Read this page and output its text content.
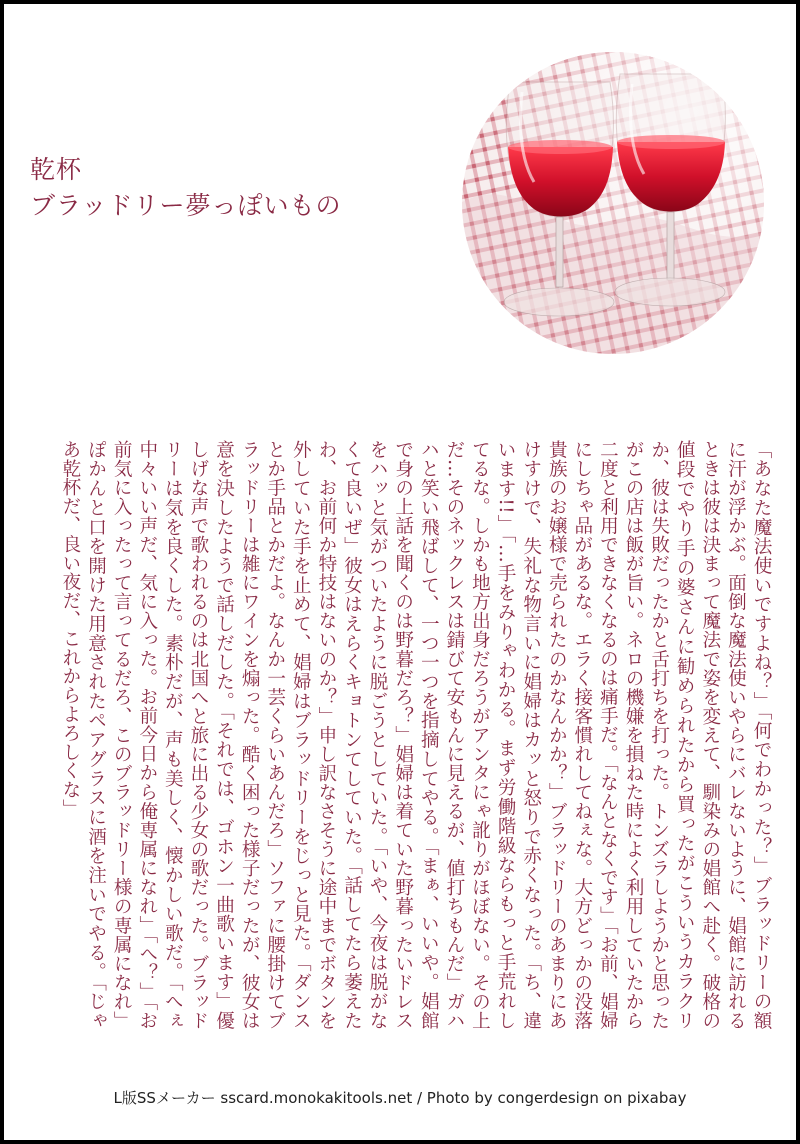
乾杯
ブラッドリー夢っぽいもの
「あなた魔法使いですよね？」「何でわかった？」ブラッドリーの額に汗が浮かぶ。面倒な魔法使いやらにバレないように、娼館に訪れるときは彼は決まって魔法で姿を変えて、馴染みの娼館へ赴く。破格の値段でやり手の婆さんに勧められたから買ったがこういうカラクリか、彼は失敗だったかと舌打ちを打った。トンズラしようかと思ったがこの店は飯が旨い。ネロの機嫌を損ねた時によく利用していたから二度と利用できなくなるのは痛手だ。「なんとなくです」「お前、娼婦にしちゃ品があるな。エラく接客慣れしてねぇな。大方どっかの没落貴族のお嬢様で売られたのかなんかか？」ブラッドリーのあまりにあけすけで、失礼な物言いに娼婦はカッと怒りで赤くなった。「ち、違います!!」「…手をみりゃわかる。まず労働階級ならもっと手荒れしてるな。しかも地方出身だろうがアンタにゃ訛りがほぼない。その上だ…そのネックレスは錆びて安もんに見えるが、値打ちもんだ」ガハハと笑い飛ばして、一つ一つを指摘してやる。「まぁ、いいや。娼館で身の上話を聞くのは野暮だろ？」娼婦は着ていた野暮ったいドレスをハッと気がついたように脱ごうとしていた。「いや、今夜は脱がなくて良いぜ」彼女はえらくキョトンてしていた。「話してたら萎えたわ、お前何か特技はないのか？」申し訳なさそうに途中までボタンを外していた手を止めて、娼婦はブラッドリーをじっと見た。「ダンスとか手品とかだよ。なんか一芸くらいあんだろ」ソファに腰掛けてブラッドリーは雑にワインを煽った。酷く困った様子だったが、彼女は意を決したようで話しだした。「それでは、ゴホン一曲歌います」優しげな声で歌われるのは北国へと旅に出る少女の歌だった。ブラッドリーは気を良くした。素朴だが、声も美しく、懐かしい歌だ。「へぇ中々いい声だ、気に入った。お前今日から俺専属になれ」「へ？」「お前気に入ったって言ってるだろ、このブラッドリー様の専属になれ」ぽかんと口を開けた用意されたペアグラスに酒を注いでやる。「じゃあ乾杯だ、良い夜だ、これからよろしくな」
L版SSメーカー sscard.monokakitools.net / Photo by congerdesign on pixabay
